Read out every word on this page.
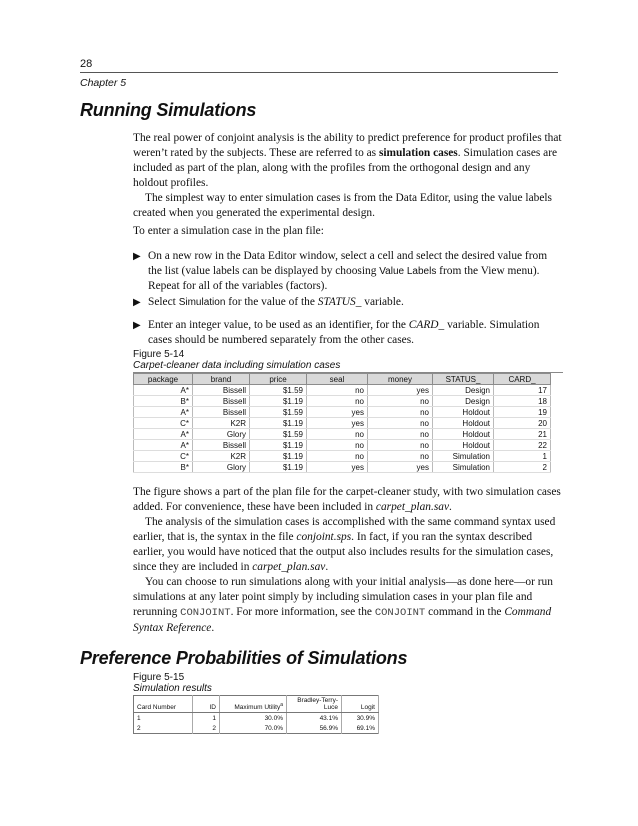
28
Chapter 5
Running Simulations

The real power of conjoint analysis is the ability to predict preference for product profiles that weren’t rated by the subjects. These are referred to as simulation cases. Simulation cases are included as part of the plan, along with the profiles from the orthogonal design and any holdout profiles.

The simplest way to enter simulation cases is from the Data Editor, using the value labels created when you generated the experimental design.

To enter a simulation case in the plan file:
▶ On a new row in the Data Editor window, select a cell and select the desired value from the list (value labels can be displayed by choosing Value Labels from the View menu). Repeat for all of the variables (factors).
▶ Select Simulation for the value of the STATUS_ variable.
▶ Enter an integer value, to be used as an identifier, for the CARD_ variable. Simulation cases should be numbered separately from the other cases.
Figure 5-14
Carpet-cleaner data including simulation cases
package	brand	price	seal	money	STATUS_	CARD_
A*	Bissell	$1.59	no	yes	Design	17
B*	Bissell	$1.19	no	no	Design	18
A*	Bissell	$1.59	yes	no	Holdout	19
C*	K2R	$1.19	yes	no	Holdout	20
A*	Glory	$1.59	no	no	Holdout	21
A*	Bissell	$1.19	no	no	Holdout	22
C*	K2R	$1.19	no	no	Simulation	1
B*	Glory	$1.19	yes	yes	Simulation	2

The figure shows a part of the plan file for the carpet-cleaner study, with two simulation cases added. For convenience, these have been included in carpet_plan.sav.

The analysis of the simulation cases is accomplished with the same command syntax used earlier, that is, the syntax in the file conjoint.sps. In fact, if you ran the syntax described earlier, you would have noticed that the output also includes results for the simulation cases, since they are included in carpet_plan.sav.

You can choose to run simulations along with your initial analysis—as done here—or run simulations at any later point simply by including simulation cases in your plan file and rerunning CONJOINT. For more information, see the CONJOINT command in the Command Syntax Reference.

Preference Probabilities of Simulations
Figure 5-15
Simulation results
Card Number	ID	Maximum Utility$^a$	Bradley-Terry-Luce	Logit
1	1	30.0%	43.1%	30.9%
2	2	70.0%	56.9%	69.1%
